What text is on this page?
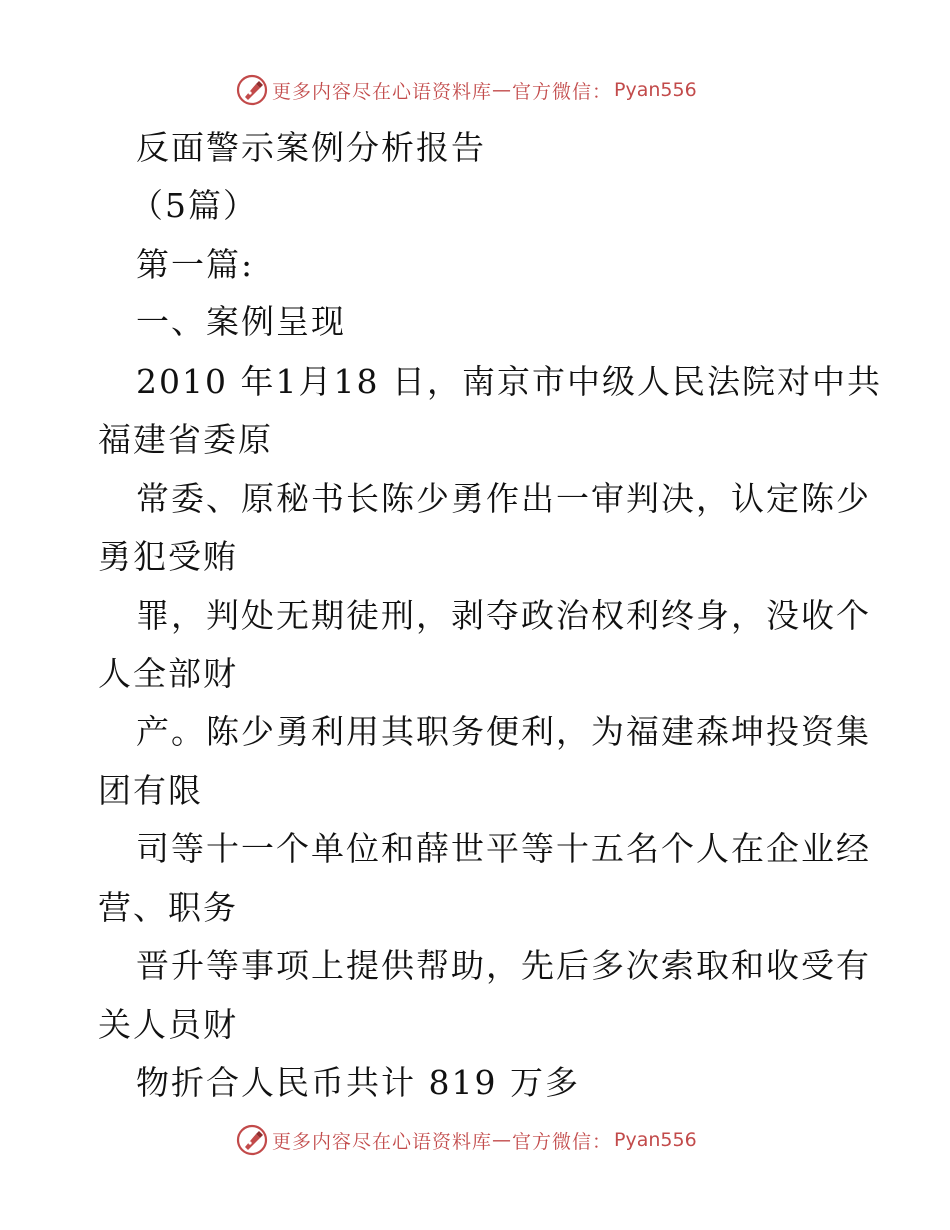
更多内容尽在心语资料库 — 官方微信： Pyan556
反面警示案例分析报告
（5篇）
第一篇:
一、案例呈现
2010 年1月18 日，南京市中级人民法院对中共
福建省委原
常委、原秘书长陈少勇作出一审判决，认定陈少
勇犯受贿
罪，判处无期徒刑，剥夺政治权利终身，没收个
人全部财
产。陈少勇利用其职务便利，为福建森坤投资集
团有限
司等十一个单位和薛世平等十五名个人在企业经
营、职务
晋升等事项上提供帮助，先后多次索取和收受有
关人员财
物折合人民币共计 819 万多
更多内容尽在心语资料库 — 官方微信： Pyan556
